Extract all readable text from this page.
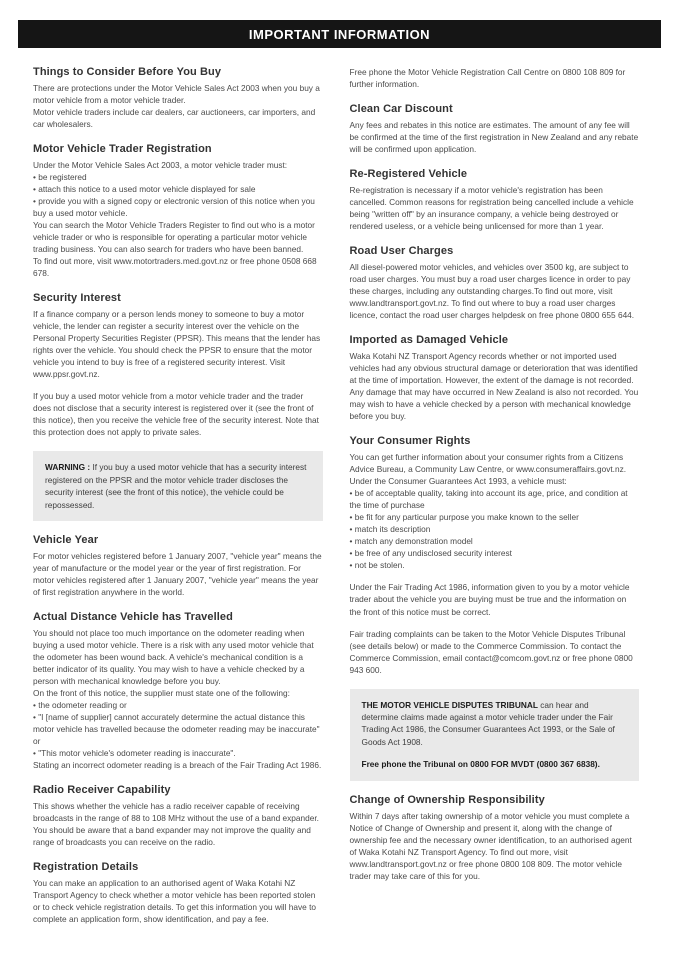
IMPORTANT INFORMATION
Things to Consider Before You Buy

There are protections under the Motor Vehicle Sales Act 2003 when you buy a motor vehicle from a motor vehicle trader.

Motor vehicle traders include car dealers, car auctioneers, car importers, and car wholesalers.

Motor Vehicle Trader Registration

Under the Motor Vehicle Sales Act 2003, a motor vehicle trader must:

• be registered

• attach this notice to a used motor vehicle displayed for sale

• provide you with a signed copy or electronic version of this notice when you buy a used motor vehicle.

You can search the Motor Vehicle Traders Register to find out who is a motor vehicle trader or who is responsible for operating a particular motor vehicle trading business. You can also search for traders who have been banned.

To find out more, visit www.motortraders.med.govt.nz or free phone 0508 668 678.

Security Interest

If a finance company or a person lends money to someone to buy a motor vehicle, the lender can register a security interest over the vehicle on the Personal Property Securities Register (PPSR). This means that the lender has rights over the vehicle. You should check the PPSR to ensure that the motor vehicle you intend to buy is free of a registered security interest. Visit www.ppsr.govt.nz.

If you buy a used motor vehicle from a motor vehicle trader and the trader does not disclose that a security interest is registered over it (see the front of this notice), then you receive the vehicle free of the security interest. Note that this protection does not apply to private sales.

WARNING : If you buy a used motor vehicle that has a security interest registered on the PPSR and the motor vehicle trader discloses the security interest (see the front of this notice), the vehicle could be repossessed.

Vehicle Year

For motor vehicles registered before 1 January 2007, "vehicle year" means the year of manufacture or the model year or the year of first registration. For motor vehicles registered after 1 January 2007, "vehicle year" means the year of first registration anywhere in the world.

Actual Distance Vehicle has Travelled

You should not place too much importance on the odometer reading when buying a used motor vehicle. There is a risk with any used motor vehicle that the odometer has been wound back. A vehicle's mechanical condition is a better indicator of its quality. You may wish to have a vehicle checked by a person with mechanical knowledge before you buy.

On the front of this notice, the supplier must state one of the following:

• the odometer reading or

• "I [name of supplier] cannot accurately determine the actual distance this motor vehicle has travelled because the odometer reading may be inaccurate" or

• "This motor vehicle's odometer reading is inaccurate".

Stating an incorrect odometer reading is a breach of the Fair Trading Act 1986.

Radio Receiver Capability

This shows whether the vehicle has a radio receiver capable of receiving broadcasts in the range of 88 to 108 MHz without the use of a band expander. You should be aware that a band expander may not improve the quality and range of broadcasts you can receive on the radio.

Registration Details

You can make an application to an authorised agent of Waka Kotahi NZ Transport Agency to check whether a motor vehicle has been reported stolen or to check vehicle registration details. To get this information you will have to complete an application form, show identification, and pay a fee.

Free phone the Motor Vehicle Registration Call Centre on 0800 108 809 for further information.

Clean Car Discount

Any fees and rebates in this notice are estimates. The amount of any fee will be confirmed at the time of the first registration in New Zealand and any rebate will be confirmed upon application.

Re-Registered Vehicle

Re-registration is necessary if a motor vehicle's registration has been cancelled. Common reasons for registration being cancelled include a vehicle being "written off" by an insurance company, a vehicle being destroyed or rendered useless, or a vehicle being unlicensed for more than 1 year.

Road User Charges

All diesel-powered motor vehicles, and vehicles over 3500 kg, are subject to road user charges. You must buy a road user charges licence in order to pay these charges, including any outstanding charges.To find out more, visit www.landtransport.govt.nz. To find out where to buy a road user charges licence, contact the road user charges helpdesk on free phone 0800 655 644.

Imported as Damaged Vehicle

Waka Kotahi NZ Transport Agency records whether or not imported used vehicles had any obvious structural damage or deterioration that was identified at the time of importation. However, the extent of the damage is not recorded. Any damage that may have occurred in New Zealand is also not recorded. You may wish to have a vehicle checked by a person with mechanical knowledge before you buy.

Your Consumer Rights

You can get further information about your consumer rights from a Citizens Advice Bureau, a Community Law Centre, or www.consumeraffairs.govt.nz.

Under the Consumer Guarantees Act 1993, a vehicle must:

• be of acceptable quality, taking into account its age, price, and condition at the time of purchase

• be fit for any particular purpose you make known to the seller

• match its description

• match any demonstration model

• be free of any undisclosed security interest

• not be stolen.

Under the Fair Trading Act 1986, information given to you by a motor vehicle trader about the vehicle you are buying must be true and the information on the front of this notice must be correct.

Fair trading complaints can be taken to the Motor Vehicle Disputes Tribunal (see details below) or made to the Commerce Commission. To contact the Commerce Commission, email contact@comcom.govt.nz or free phone 0800 943 600.

THE MOTOR VEHICLE DISPUTES TRIBUNAL can hear and determine claims made against a motor vehicle trader under the Fair Trading Act 1986, the Consumer Guarantees Act 1993, or the Sale of Goods Act 1908.

Free phone the Tribunal on 0800 FOR MVDT (0800 367 6838).

Change of Ownership Responsibility

Within 7 days after taking ownership of a motor vehicle you must complete a Notice of Change of Ownership and present it, along with the change of ownership fee and the necessary owner identification, to an authorised agent of Waka Kotahi NZ Transport Agency. To find out more, visit www.landtransport.govt.nz or free phone 0800 108 809. The motor vehicle trader may take care of this for you.
